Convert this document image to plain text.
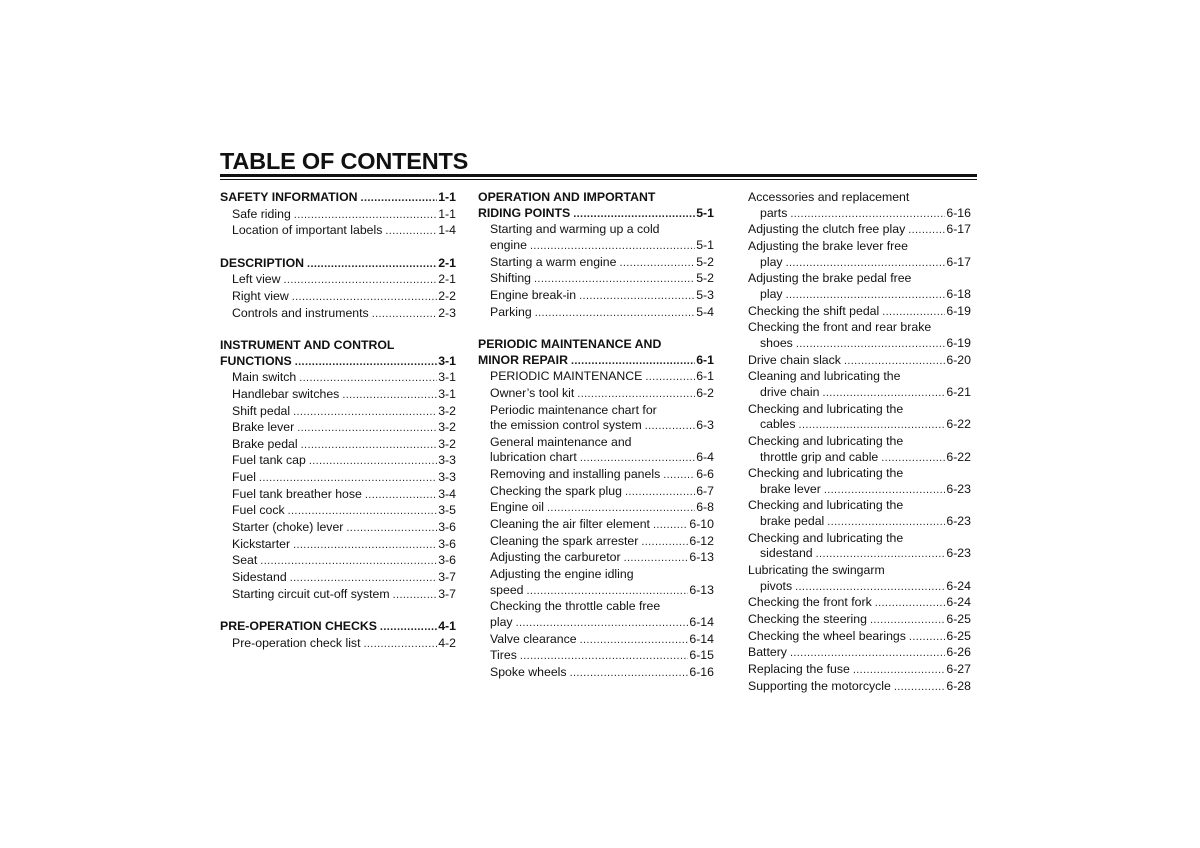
TABLE OF CONTENTS
SAFETY INFORMATION .....	1-1
Safe riding .....	1-1
Location of important labels .....	1-4
DESCRIPTION .....	2-1
Left view .....	2-1
Right view .....	2-2
Controls and instruments .....	2-3
INSTRUMENT AND CONTROL
FUNCTIONS .....	3-1
Main switch .....	3-1
Handlebar switches .....	3-1
Shift pedal .....	3-2
Brake lever .....	3-2
Brake pedal .....	3-2
Fuel tank cap .....	3-3
Fuel .....	3-3
Fuel tank breather hose .....	3-4
Fuel cock .....	3-5
Starter (choke) lever .....	3-6
Kickstarter .....	3-6
Seat .....	3-6
Sidestand .....	3-7
Starting circuit cut-off system .....	3-7
PRE-OPERATION CHECKS .....	4-1
Pre-operation check list .....	4-2
OPERATION AND IMPORTANT
RIDING POINTS .....	5-1
Starting and warming up a cold
engine .....	5-1
Starting a warm engine .....	5-2
Shifting .....	5-2
Engine break-in .....	5-3
Parking .....	5-4
PERIODIC MAINTENANCE AND
MINOR REPAIR .....	6-1
PERIODIC MAINTENANCE .....	6-1
Owner’s tool kit .....	6-2
Periodic maintenance chart for
the emission control system .....	6-3
General maintenance and
lubrication chart .....	6-4
Removing and installing panels .....	6-6
Checking the spark plug .....	6-7
Engine oil .....	6-8
Cleaning the air filter element .....	6-10
Cleaning the spark arrester .....	6-12
Adjusting the carburetor .....	6-13
Adjusting the engine idling
speed .....	6-13
Checking the throttle cable free
play .....	6-14
Valve clearance .....	6-14
Tires .....	6-15
Spoke wheels .....	6-16
Accessories and replacement
parts .....	6-16
Adjusting the clutch free play .....	6-17
Adjusting the brake lever free
play .....	6-17
Adjusting the brake pedal free
play .....	6-18
Checking the shift pedal .....	6-19
Checking the front and rear brake
shoes .....	6-19
Drive chain slack .....	6-20
Cleaning and lubricating the
drive chain .....	6-21
Checking and lubricating the
cables .....	6-22
Checking and lubricating the
throttle grip and cable .....	6-22
Checking and lubricating the
brake lever .....	6-23
Checking and lubricating the
brake pedal .....	6-23
Checking and lubricating the
sidestand .....	6-23
Lubricating the swingarm
pivots .....	6-24
Checking the front fork .....	6-24
Checking the steering .....	6-25
Checking the wheel bearings .....	6-25
Battery .....	6-26
Replacing the fuse .....	6-27
Supporting the motorcycle .....	6-28
